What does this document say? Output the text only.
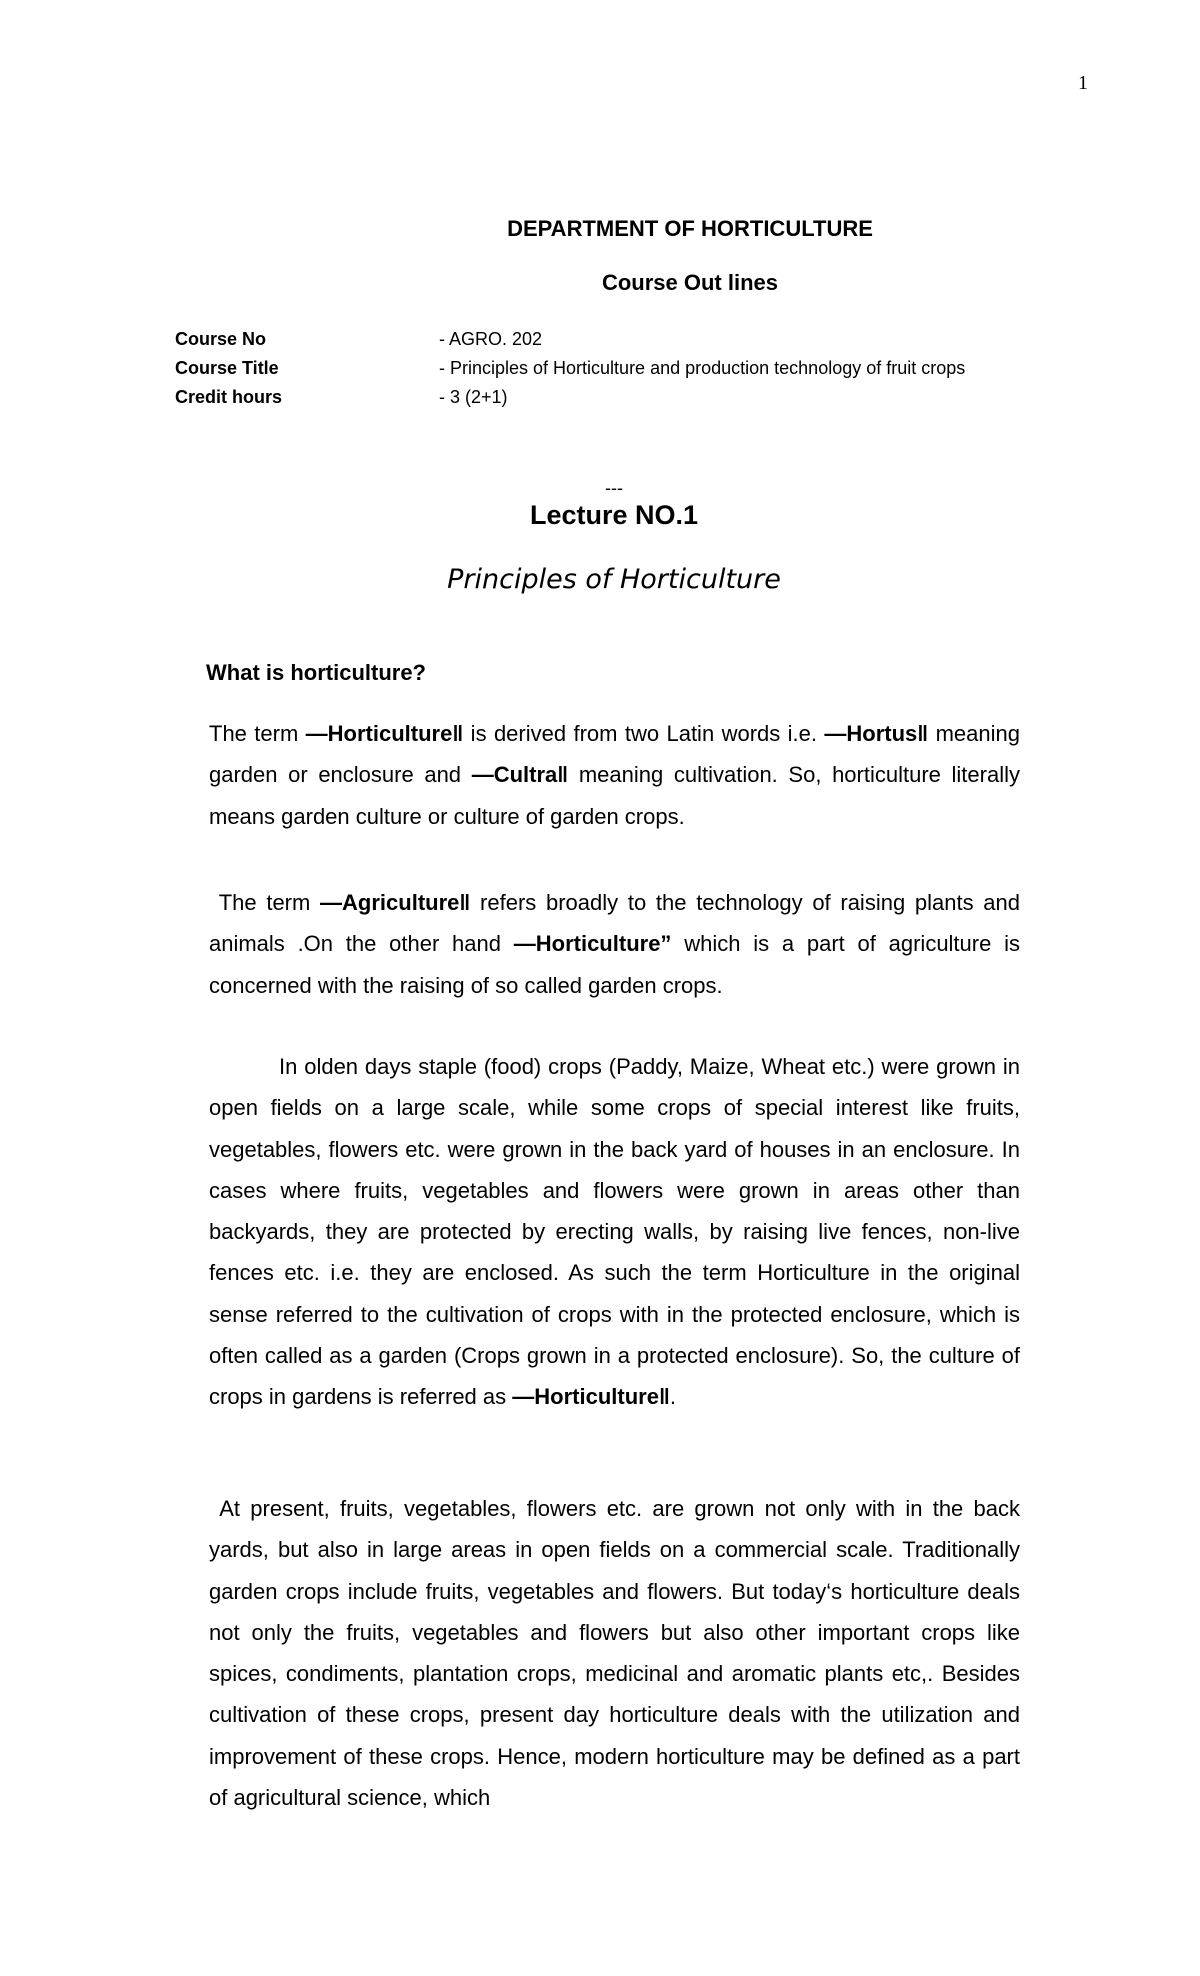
1
DEPARTMENT OF HORTICULTURE
Course Out lines
Course No	- AGRO. 202
Course Title	- Principles of Horticulture and production technology of fruit crops
Credit hours	- 3 (2+1)
---
Lecture NO.1
Principles of Horticulture
What is horticulture?
The term —Horticulture‖ is derived from two Latin words i.e. —Hortus‖ meaning garden or enclosure and —Cultra‖ meaning cultivation. So, horticulture literally means garden culture or culture of garden crops.
The term —Agriculture‖ refers broadly to the technology of raising plants and animals .On the other hand —Horticulture” which is a part of agriculture is concerned with the raising of so called garden crops.
In olden days staple (food) crops (Paddy, Maize, Wheat etc.) were grown in open fields on a large scale, while some crops of special interest like fruits, vegetables, flowers etc. were grown in the back yard of houses in an enclosure. In cases where fruits, vegetables and flowers were grown in areas other than backyards, they are protected by erecting walls, by raising live fences, non-live fences etc. i.e. they are enclosed. As such the term Horticulture in the original sense referred to the cultivation of crops with in the protected enclosure, which is often called as a garden (Crops grown in a protected enclosure). So, the culture of crops in gardens is referred as —Horticulture‖.
At present, fruits, vegetables, flowers etc. are grown not only with in the back yards, but also in large areas in open fields on a commercial scale. Traditionally garden crops include fruits, vegetables and flowers. But today‘s horticulture deals not only the fruits, vegetables and flowers but also other important crops like spices, condiments, plantation crops, medicinal and aromatic plants etc,. Besides cultivation of these crops, present day horticulture deals with the utilization and improvement of these crops. Hence, modern horticulture may be defined as a part of agricultural science, which
